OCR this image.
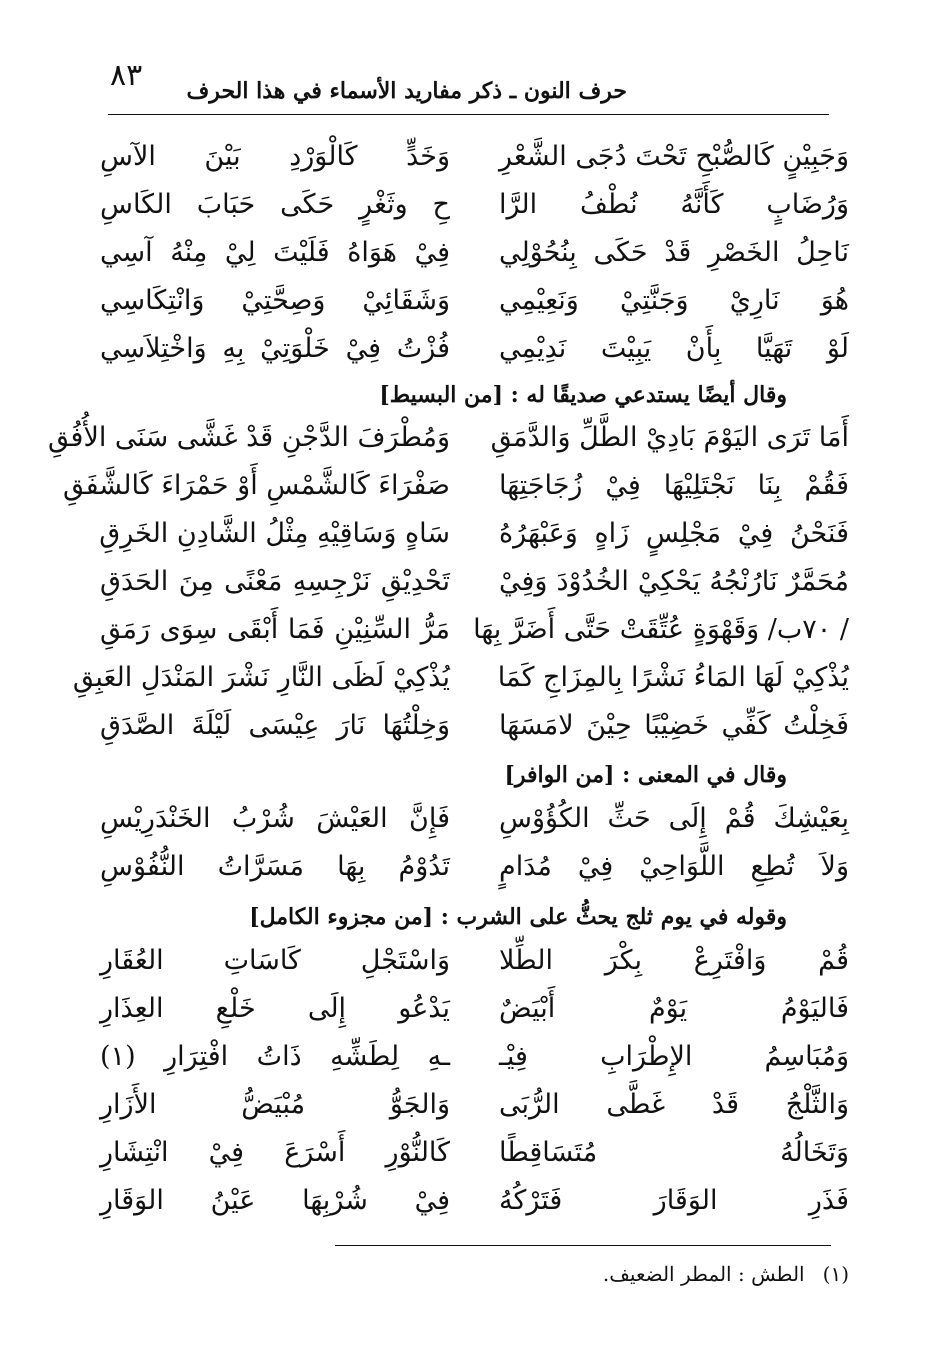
٨٣ حرف النون ـ ذكر مفاريد الأسماء في هذا الحرف
وَجَبِيْنٍ كَالصُّبْحِ تَحْتَ دُجَى الشَّعْرِ
وَخَدٍّ كَالْوَرْدِ بَيْنَ الآسِ
وَرُضَابٍ كَأَنَّهُ نُطْفُ الرَّا
حِ وثَغْرٍ حَكَى حَبَابَ الكَاسِ
نَاحِلُ الخَصْرِ قَدْ حَكَى بِنُحُوْلِي
فِيْ هَوَاهُ فَلَيْتَ لِيْ مِنْهُ آسِي
هُوَ نَارِيْ وَجَنَّتِيْ وَنَعِيْمِي
وَشَقَائِيْ وَصِحَّتِيْ وَانْتِكَاسِي
لَوْ تَهَيَّا بِأَنْ يَبِيْتَ نَدِيْمِي
فُزْتُ فِيْ خَلْوَتِيْ بِهِ وَاخْتِلاَسِي
وقال أيضًا يستدعي صديقًا له : [من البسيط]
أَمَا تَرَى اليَوْمَ بَادِيْ الطَّلِّ وَالدَّمَقِ
وَمُطْرَفَ الدَّجْنِ قَدْ غَشَّى سَنَى الأُفُقِ
فَقُمْ بِنَا نَجْتَلِيْهَا فِيْ زُجَاجَتِهَا
صَفْرَاءَ كَالشَّمْسِ أَوْ حَمْرَاءَ كَالشَّفَقِ
فَنَحْنُ فِيْ مَجْلِسٍ زَاهٍ وَعَبْهَرُهُ
سَاهٍ وَسَاقِيْهِ مِثْلُ الشَّادِنِ الخَرِقِ
مُحَمَّرٌ نَارُنْجُهُ يَحْكِيْ الخُدُوْدَ وَفِيْ
تَحْدِيْقِ نَرْجِسِهِ مَعْنًى مِنَ الحَدَقِ
/ ٧٠ب/ وَقَهْوَةٍ عُتِّقَتْ حَتَّى أَضَرَّ بِهَا
مَرُّ السِّنِيْنِ فَمَا أَبْقَى سِوَى رَمَقِ
يُذْكِيْ لَهَا المَاءُ نَشْرًا بِالمِزَاجِ كَمَا
يُذْكِيْ لَظَى النَّارِ نَشْرَ المَنْدَلِ العَبِقِ
فَخِلْتُ كَفِّي خَضِيْبًا حِيْنَ لامَسَهَا
وَخِلْتُهَا نَارَ عِيْسَى لَيْلَةَ الصَّدَقِ
وقال في المعنى : [من الوافر]
بِعَيْشِكَ قُمْ إِلَى حَثِّ الكُؤُوْسِ
فَإِنَّ العَيْشَ شُرْبُ الخَنْدَرِيْسِ
وَلاَ تُطِعِ اللَّوَاحِيْ فِيْ مُدَامٍ
تَدُوْمُ بِهَا مَسَرَّاتُ النُّفُوْسِ
وقوله في يوم ثلج يحثُّ على الشرب : [من مجزوء الكامل]
قُمْ وَافْتَرِعْ بِكْرَ الطِّلا
وَاسْتَجْلِ كَاسَاتِ العُقَارِ
فَاليَوْمُ يَوْمٌ أَبْيَضٌ
يَدْعُو إِلَى خَلْعِ العِذَارِ
وَمُبَاسِمُ الإِطْرَابِ فِيْـ
ـهِ لِطَشِّهِ ذَاتُ افْتِرَارِ (١)
وَالثَّلْجُ قَدْ غَطَّى الرُّبَى
وَالجَوُّ مُبْيَضُّ الأَزَارِ
وَتَخَالُهُ مُتَسَاقِطًا
كَالنُّوْرِ أَسْرَعَ فِيْ انْتِشَارِ
فَذَرِ الوَقَارَ فَتَرْكُهُ
فِيْ شُرْبِهَا عَيْنُ الوَقَارِ
(١)الطش : المطر الضعيف.
